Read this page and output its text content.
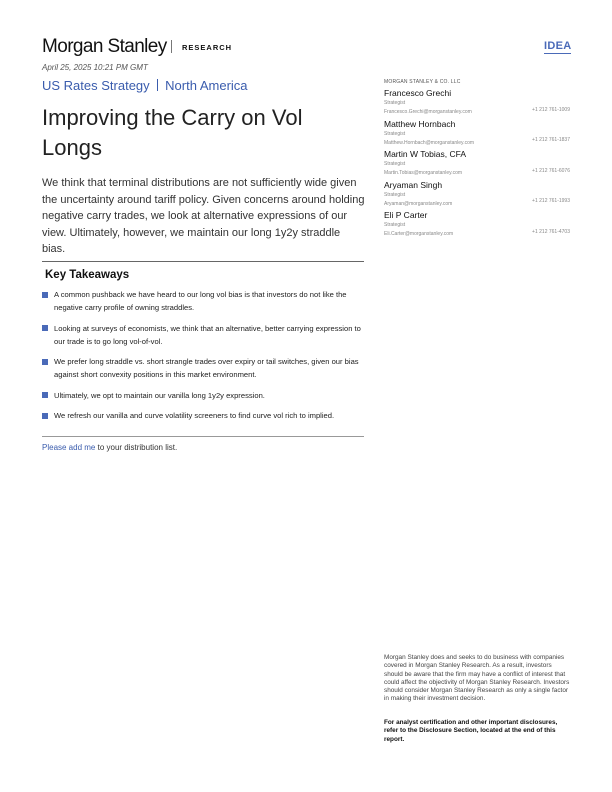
Morgan Stanley RESEARCH	IDEA
April 25, 2025 10:21 PM GMT
US Rates Strategy North America
Improving the Carry on Vol Longs
We think that terminal distributions are not sufficiently wide given the uncertainty around tariff policy. Given concerns around holding negative carry trades, we look at alternative expressions of our view. Ultimately, however, we maintain our long 1y2y straddle bias.
Key Takeaways
A common pushback we have heard to our long vol bias is that investors do not like the negative carry profile of owning straddles.
Looking at surveys of economists, we think that an alternative, better carrying expression to our trade is to go long vol-of-vol.
We prefer long straddle vs. short strangle trades over expiry or tail switches, given our bias against short convexity positions in this market environment.
Ultimately, we opt to maintain our vanilla long 1y2y expression.
We refresh our vanilla and curve volatility screeners to find curve vol rich to implied.
Please add me to your distribution list.
MORGAN STANLEY & CO. LLC
Francesco Grechi
Strategist
Francesco.Grechi@morganstanley.com	+1 212 761-1009
Matthew Hornbach
Strategist
Matthew.Hornbach@morganstanley.com	+1 212 761-1837
Martin W Tobias, CFA
Strategist
Martin.Tobias@morganstanley.com	+1 212 761-6076
Aryaman Singh
Strategist
Aryaman@morganstanley.com	+1 212 761-1993
Eli P Carter
Strategist
Eli.Carter@morganstanley.com	+1 212 761-4703
Morgan Stanley does and seeks to do business with companies covered in Morgan Stanley Research. As a result, investors should be aware that the firm may have a conflict of interest that could affect the objectivity of Morgan Stanley Research. Investors should consider Morgan Stanley Research as only a single factor in making their investment decision.
For analyst certification and other important disclosures, refer to the Disclosure Section, located at the end of this report.
